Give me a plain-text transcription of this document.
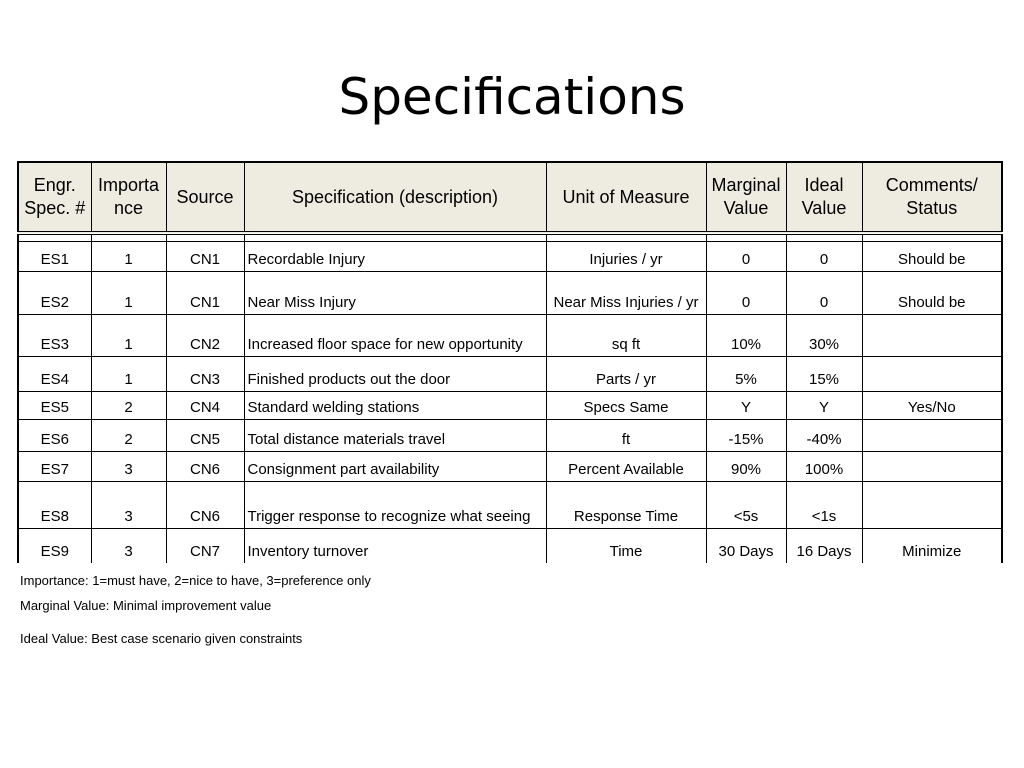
Specifications
Engr. Spec. #	Importa nce	Source	Specification (description)	Unit of Measure	Marginal Value	Ideal Value	Comments/ Status

ES1	1	CN1	Recordable Injury	Injuries / yr	0	0	Should be
ES2	1	CN1	Near Miss Injury	Near Miss Injuries / yr	0	0	Should be
ES3	1	CN2	Increased floor space for new opportunity	sq ft	10%	30%	
ES4	1	CN3	Finished products out the door	Parts / yr	5%	15%	
ES5	2	CN4	Standard welding stations	Specs Same	Y	Y	Yes/No
ES6	2	CN5	Total distance materials travel	ft	-15%	-40%	
ES7	3	CN6	Consignment part availability	Percent Available	90%	100%	
ES8	3	CN6	Trigger response to recognize what seeing	Response Time	<5s	<1s	
ES9	3	CN7	Inventory turnover	Time	30 Days	16 Days	Minimize
Importance: 1=must have, 2=nice to have, 3=preference only
Marginal Value: Minimal improvement value
Ideal Value: Best case scenario given constraints
